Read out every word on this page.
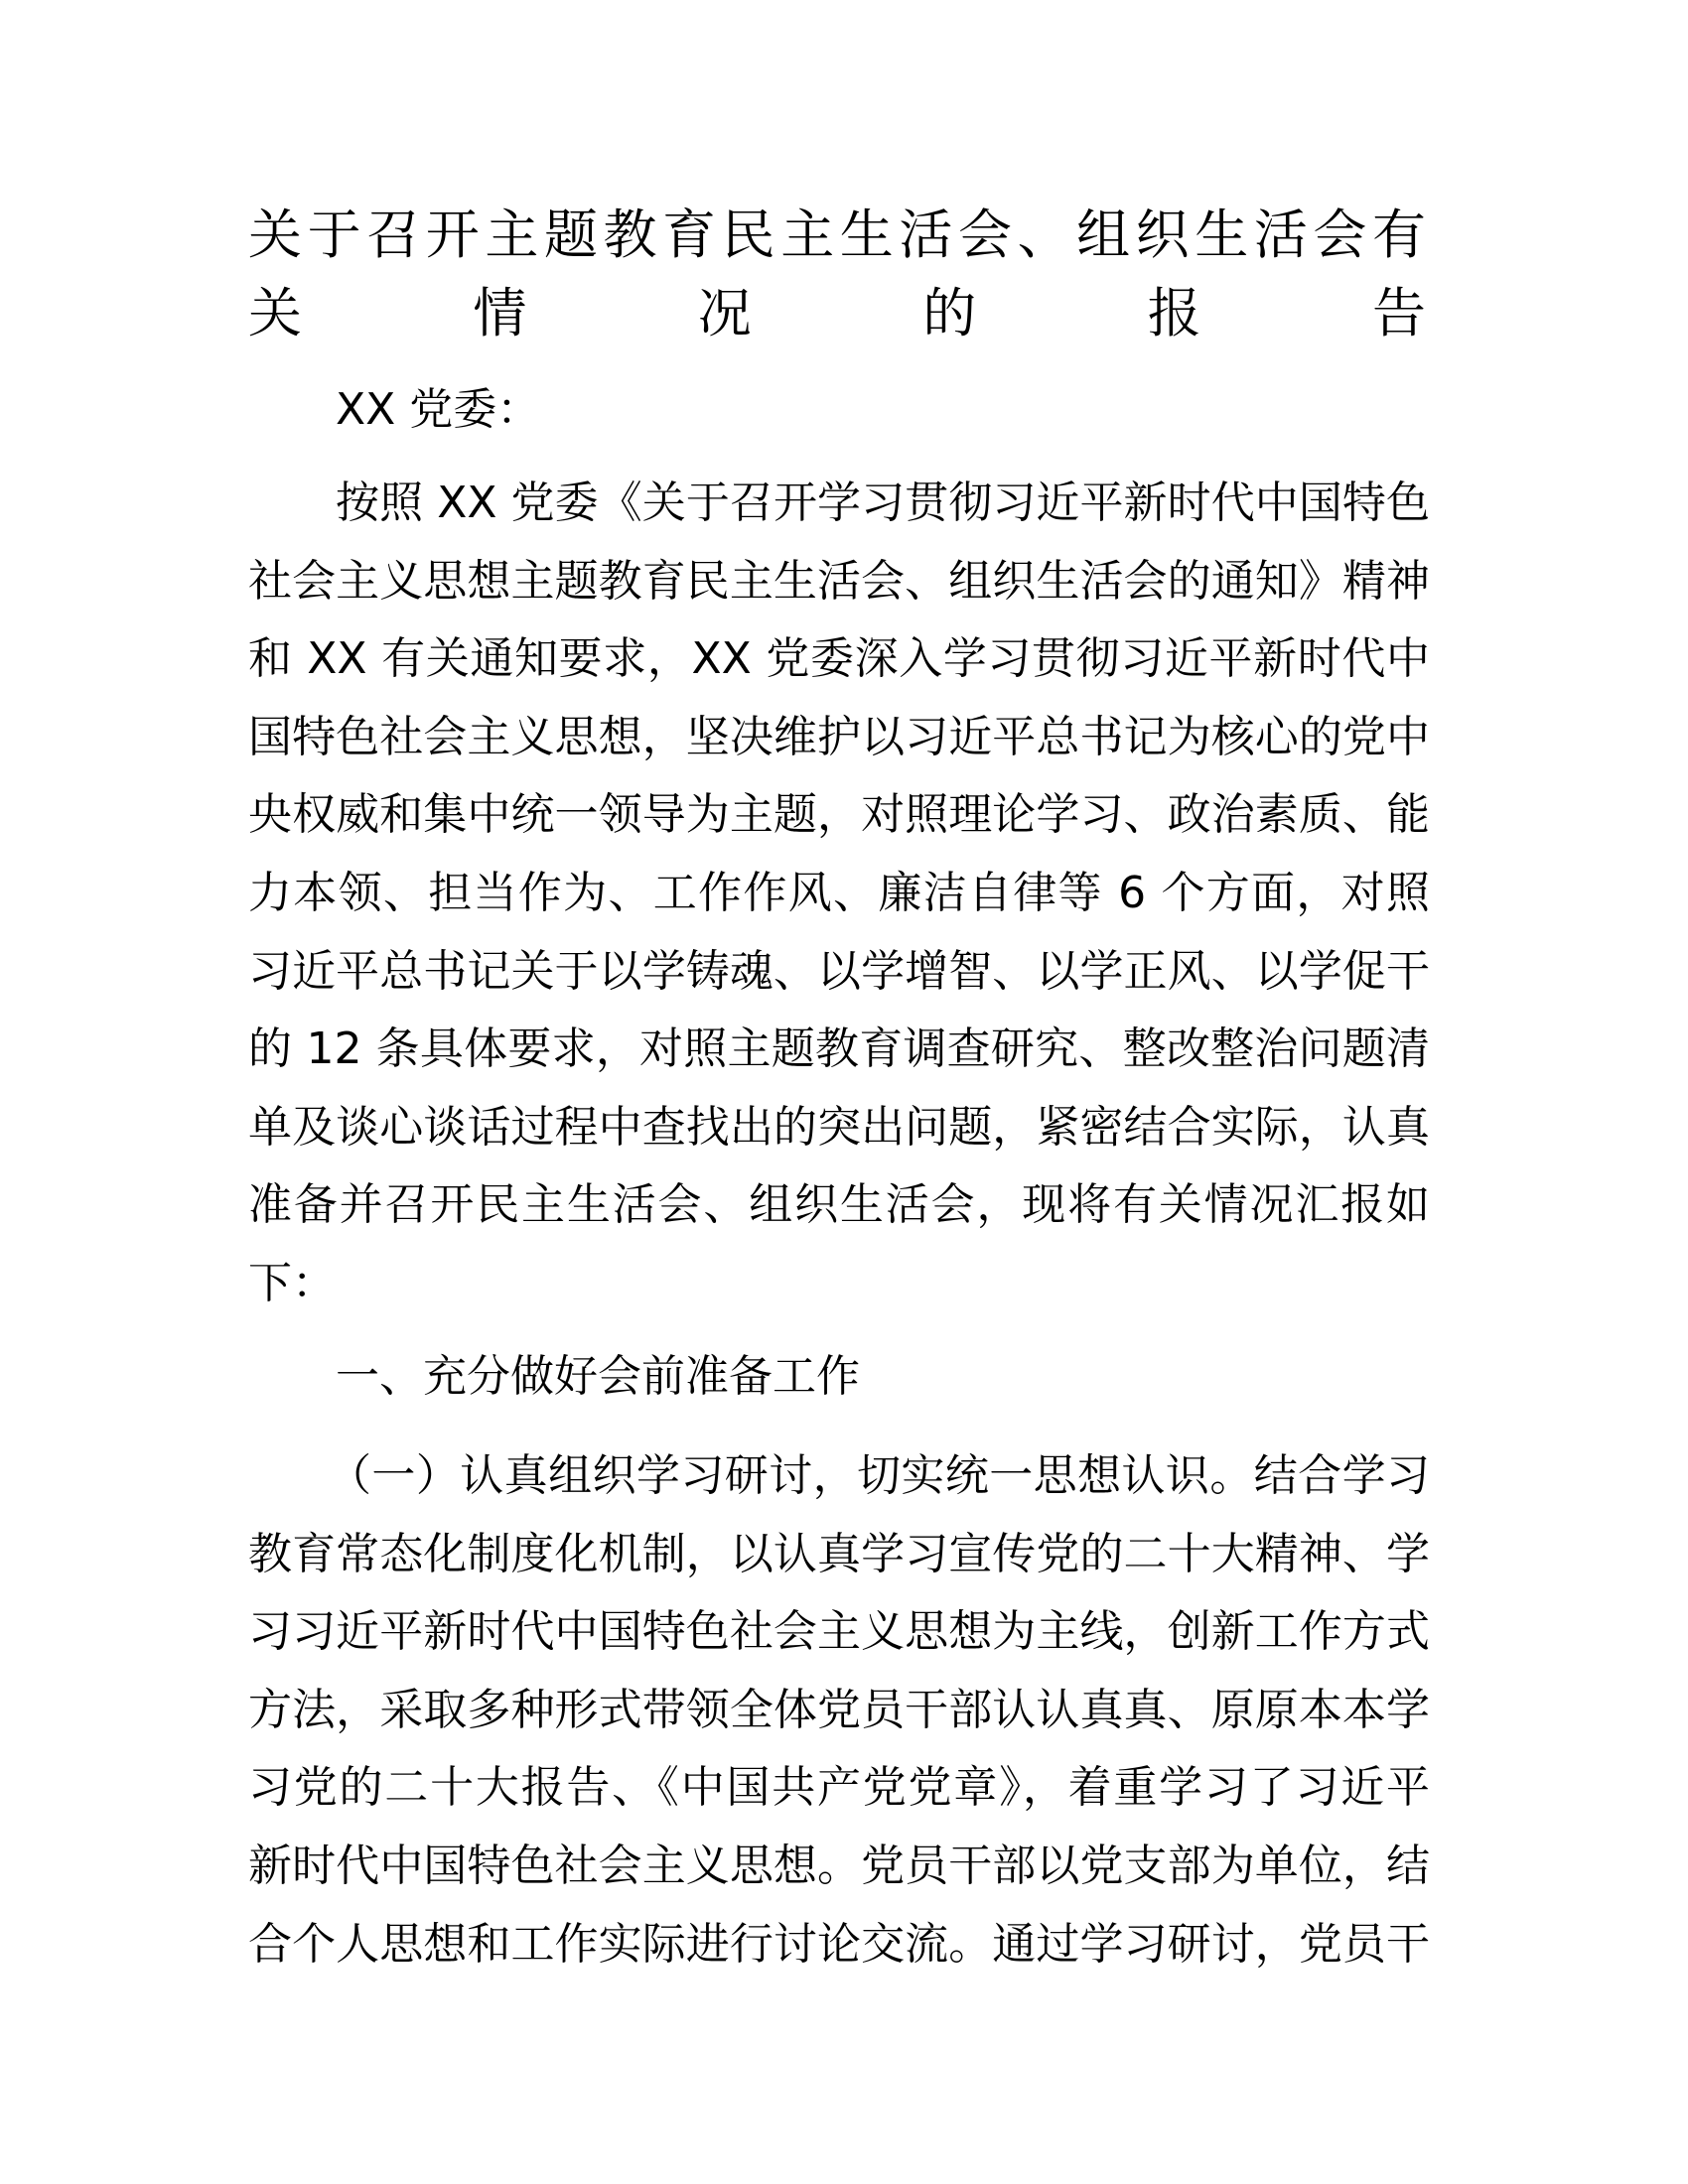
关于召开主题教育民主生活会、组织生活会有
关情况的报告
XX 党委：
按照 XX 党委《关于召开学习贯彻习近平新时代中国特色
社会主义思想主题教育民主生活会、组织生活会的通知》精神
和 XX 有关通知要求，XX 党委深入学习贯彻习近平新时代中
国特色社会主义思想，坚决维护以习近平总书记为核心的党中
央权威和集中统一领导为主题，对照理论学习、政治素质、能
力本领、担当作为、工作作风、廉洁自律等 6 个方面，对照
习近平总书记关于以学铸魂、以学增智、以学正风、以学促干
的 12 条具体要求，对照主题教育调查研究、整改整治问题清
单及谈心谈话过程中查找出的突出问题，紧密结合实际，认真
准备并召开民主生活会、组织生活会，现将有关情况汇报如
下：
一、充分做好会前准备工作
（一）认真组织学习研讨，切实统一思想认识。结合学习
教育常态化制度化机制，以认真学习宣传党的二十大精神、学
习习近平新时代中国特色社会主义思想为主线，创新工作方式
方法，采取多种形式带领全体党员干部认认真真、原原本本学
习党的二十大报告、《中国共产党党章》，着重学习了习近平
新时代中国特色社会主义思想。党员干部以党支部为单位，结
合个人思想和工作实际进行讨论交流。通过学习研讨，党员干
